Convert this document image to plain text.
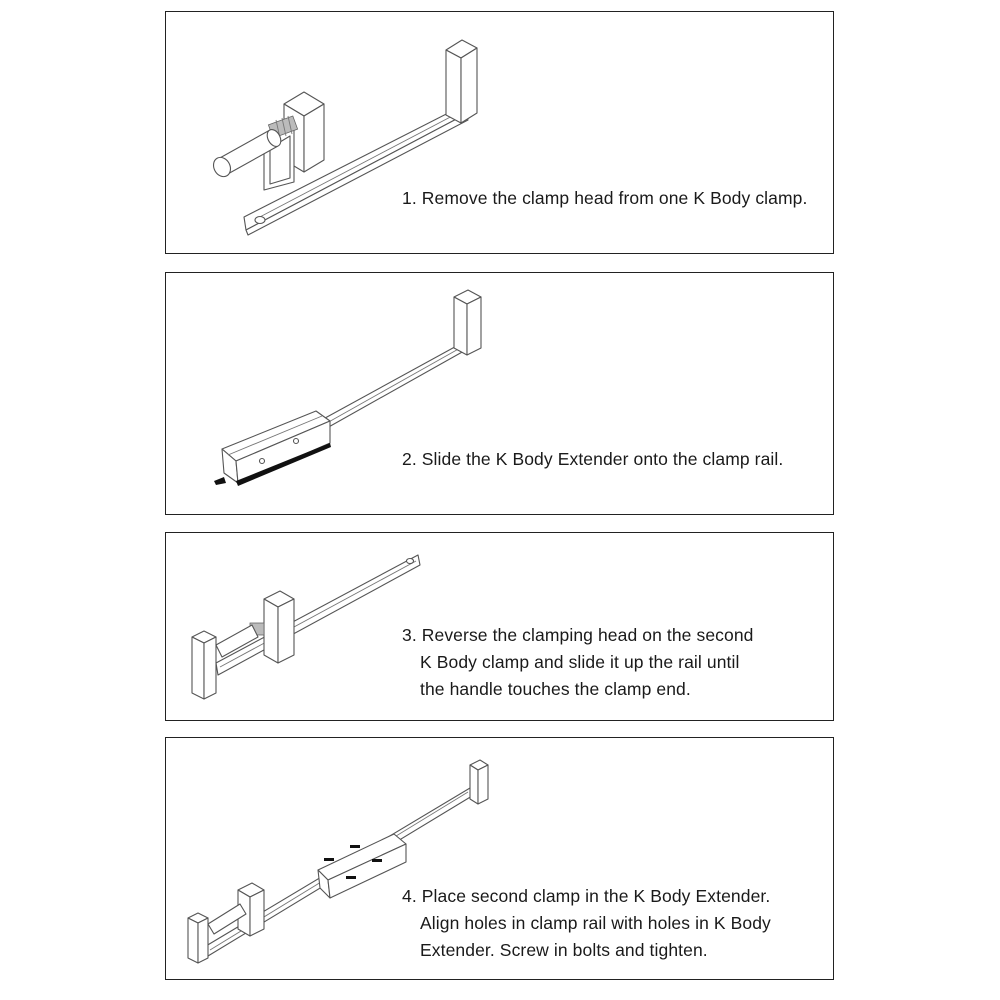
1. Remove the clamp head from one K Body clamp.
2. Slide the K Body Extender onto the clamp rail.
3. Reverse the clamping head on the second
K Body clamp and slide it up the rail until
the handle touches the clamp end.
4. Place second clamp in the K Body Extender.
Align holes in clamp rail with holes in K Body
Extender. Screw in bolts and tighten.
